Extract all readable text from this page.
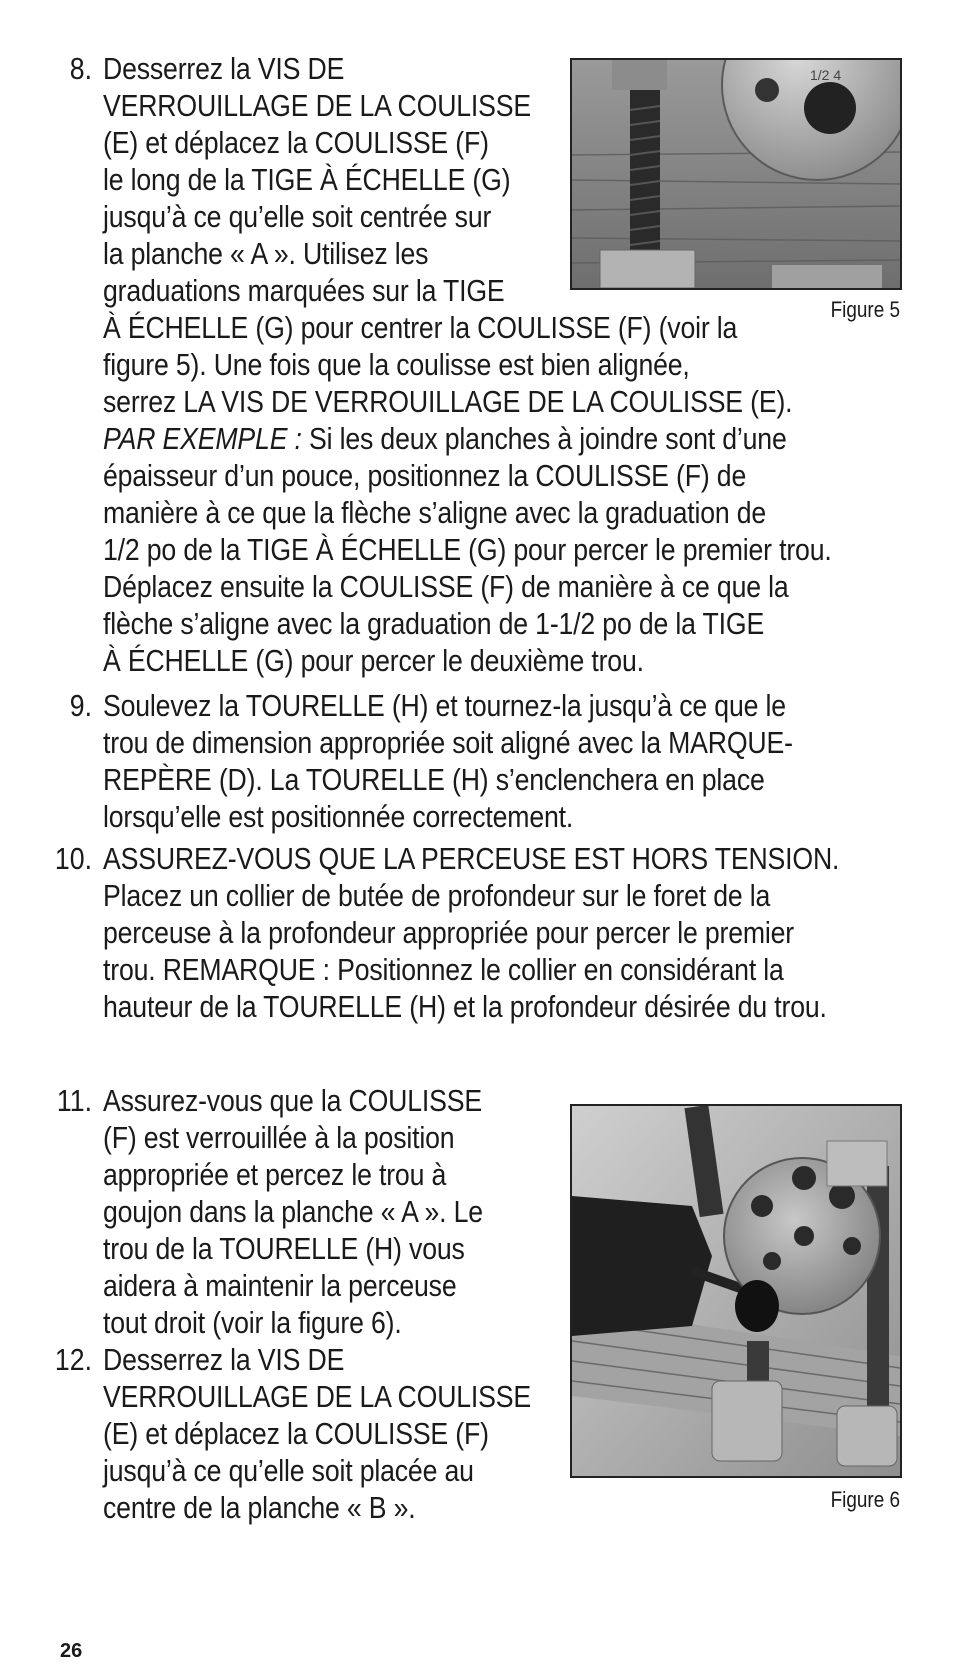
8. Desserrez la VIS DE
VERROUILLAGE DE LA COULISSE
(E) et déplacez la COULISSE (F)
le long de la TIGE À ÉCHELLE (G)
jusqu’à ce qu’elle soit centrée sur
la planche « A ». Utilisez les
graduations marquées sur la TIGE
À ÉCHELLE (G) pour centrer la COULISSE (F) (voir la
figure 5). Une fois que la coulisse est bien alignée,
serrez LA VIS DE VERROUILLAGE DE LA COULISSE (E).
PAR EXEMPLE : Si les deux planches à joindre sont d’une
épaisseur d’un pouce, positionnez la COULISSE (F) de
manière à ce que la flèche s’aligne avec la graduation de
1/2 po de la TIGE À ÉCHELLE (G) pour percer le premier trou.
Déplacez ensuite la COULISSE (F) de manière à ce que la
flèche s’aligne avec la graduation de 1-1/2 po de la TIGE
À ÉCHELLE (G) pour percer le deuxième trou.
1/2 4
Figure 5
9. Soulevez la TOURELLE (H) et tournez-la jusqu’à ce que le
trou de dimension appropriée soit aligné avec la MARQUE-
REPÈRE (D). La TOURELLE (H) s’enclenchera en place
lorsqu’elle est positionnée correctement.
10. ASSUREZ-VOUS QUE LA PERCEUSE EST HORS TENSION.
Placez un collier de butée de profondeur sur le foret de la
perceuse à la profondeur appropriée pour percer le premier
trou. REMARQUE : Positionnez le collier en considérant la
hauteur de la TOURELLE (H) et la profondeur désirée du trou.
11. Assurez-vous que la COULISSE
(F) est verrouillée à la position
appropriée et percez le trou à
goujon dans la planche « A ». Le
trou de la TOURELLE (H) vous
aidera à maintenir la perceuse
tout droit (voir la figure 6).
Figure 6
12. Desserrez la VIS DE
VERROUILLAGE DE LA COULISSE
(E) et déplacez la COULISSE (F)
jusqu’à ce qu’elle soit placée au
centre de la planche « B ».
26
